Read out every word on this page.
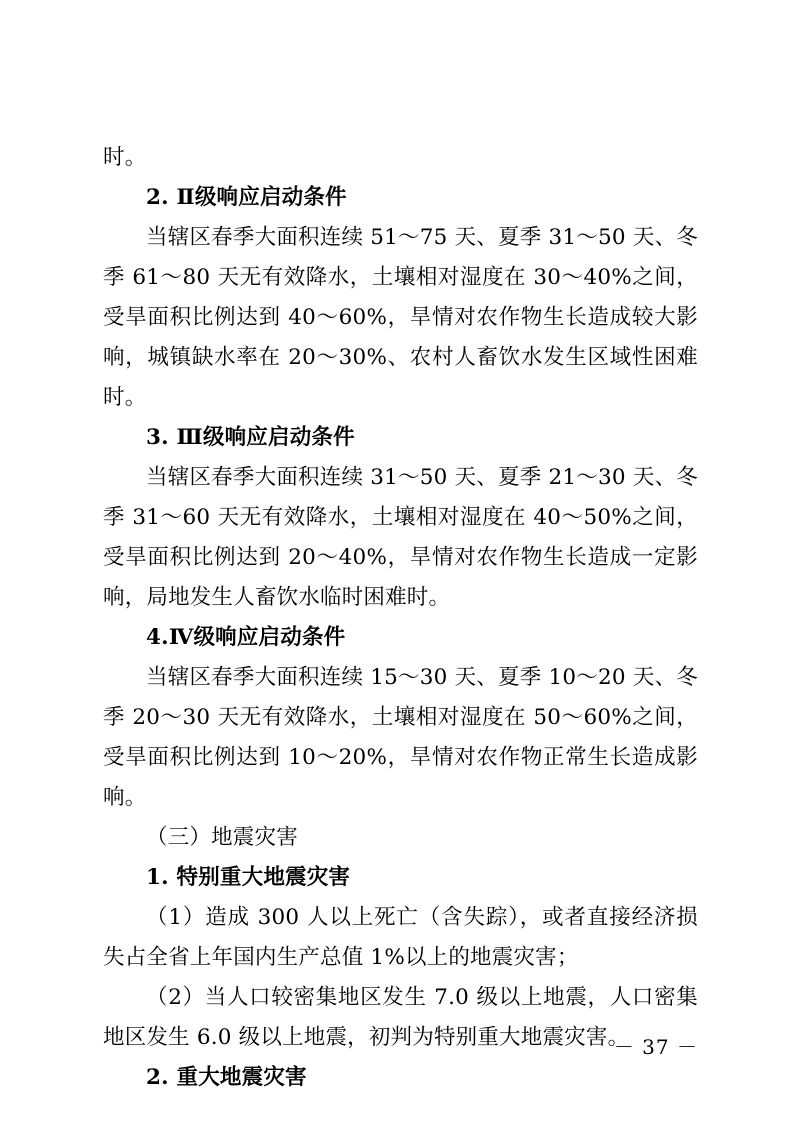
时。

2. Ⅱ级响应启动条件

当辖区春季大面积连续 51～75 天、夏季 31～50 天、冬季 61～80 天无有效降水，土壤相对湿度在 30～40%之间，受旱面积比例达到 40～60%，旱情对农作物生长造成较大影响，城镇缺水率在 20～30%、农村人畜饮水发生区域性困难时。

3. Ⅲ级响应启动条件

当辖区春季大面积连续 31～50 天、夏季 21～30 天、冬季 31～60 天无有效降水，土壤相对湿度在 40～50%之间，受旱面积比例达到 20～40%，旱情对农作物生长造成一定影响，局地发生人畜饮水临时困难时。

4.Ⅳ级响应启动条件

当辖区春季大面积连续 15～30 天、夏季 10～20 天、冬季 20～30 天无有效降水，土壤相对湿度在 50～60%之间，受旱面积比例达到 10～20%，旱情对农作物正常生长造成影响。

（三）地震灾害

1. 特别重大地震灾害

（1）造成 300 人以上死亡（含失踪），或者直接经济损失占全省上年国内生产总值 1%以上的地震灾害；

（2）当人口较密集地区发生 7.0 级以上地震，人口密集地区发生 6.0 级以上地震，初判为特别重大地震灾害。

2. 重大地震灾害

－ 37 －
